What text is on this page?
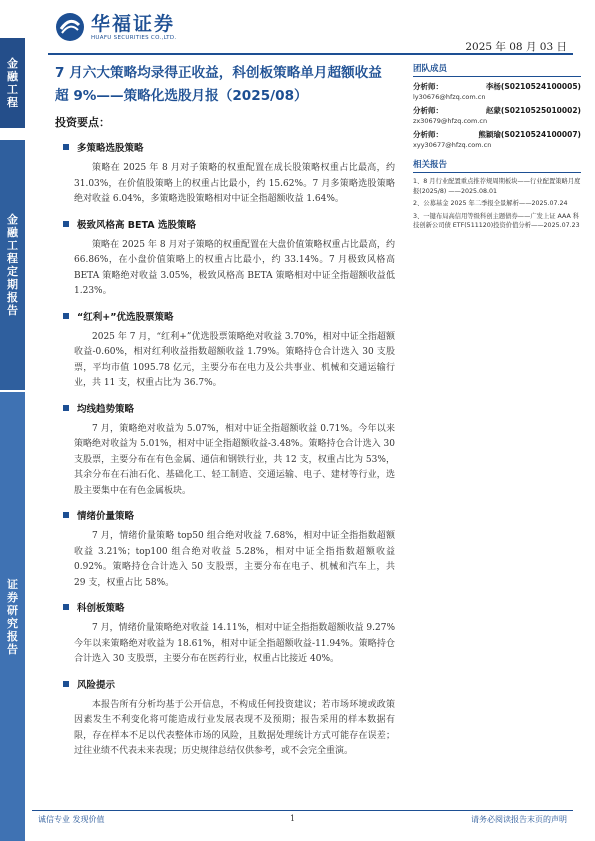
金融工程
金融工程定期报告
证券研究报告
华福证券
HUAFU SECURITIES CO.,LTD.
2025 年 08 月 03 日
7 月六大策略均录得正收益，科创板策略单月超额收益超 9%——策略化选股月报（2025/08）
投资要点：
多策略选股策略

策略在 2025 年 8 月对子策略的权重配置在成长股策略权重占比最高，约 31.03%，在价值股策略上的权重占比最小，约 15.62%。7 月多策略选股策略绝对收益 6.04%，多策略选股策略相对中证全指超额收益 1.64%。

极致风格高 BETA 选股策略

策略在 2025 年 8 月对子策略的权重配置在大盘价值策略权重占比最高，约 66.86%，在小盘价值策略上的权重占比最小，约 33.14%。7 月极致风格高 BETA 策略绝对收益 3.05%，极致风格高 BETA 策略相对中证全指超额收益低 1.23%。

“红利+”优选股票策略

2025 年 7 月，“红利+”优选股票策略绝对收益 3.70%，相对中证全指超额收益-0.60%，相对红利收益指数超额收益 1.79%。策略持仓合计选入 30 支股票，平均市值 1095.78 亿元，主要分布在电力及公共事业、机械和交通运输行业，共 11 支，权重占比为 36.7%。

均线趋势策略

7 月，策略绝对收益为 5.07%，相对中证全指超额收益 0.71%。今年以来策略绝对收益为 5.01%，相对中证全指超额收益-3.48%。策略持仓合计选入 30 支股票，主要分布在有色金属、通信和钢铁行业，共 12 支，权重占比为 53%，其余分布在石油石化、基础化工、轻工制造、交通运输、电子、建材等行业，选股主要集中在有色金属板块。

情绪价量策略

7 月，情绪价量策略 top50 组合绝对收益 7.68%，相对中证全指指数超额收益 3.21%；top100 组合绝对收益 5.28%，相对中证全指指数超额收益 0.92%。策略持仓合计选入 50 支股票，主要分布在电子、机械和汽车上，共 29 支，权重占比 58%。

科创板策略

7 月，情绪价量策略绝对收益 14.11%，相对中证全指指数超额收益 9.27%今年以来策略绝对收益为 18.61%，相对中证全指超额收益-11.94%。策略持仓合计选入 30 支股票，主要分布在医药行业，权重占比接近 40%。

风险提示

本报告所有分析均基于公开信息，不构成任何投资建议；若市场环境或政策因素发生不利变化将可能造成行业发展表现不及预期；报告采用的样本数据有限，存在样本不足以代表整体市场的风险，且数据处理统计方式可能存在误差；过往业绩不代表未来表现；历史规律总结仅供参考，或不会完全重演。

团队成员
分析师：	李杨(S0210524100005)
ly30676@hfzq.com.cn
分析师：	赵蒙(S0210525010002)
zx30679@hfzq.com.cn
分析师：	熊颖瑜(S0210524100007)
xyy30677@hfzq.com.cn
相关报告
1、8 月行业配置重点推荐规周期板块——行业配置策略月度报(2025/8) ——2025.08.01
2、公募基金 2025 年二季报全景解析——2025.07.24
3、一键布局高信用等级科创主题债券——广发上证 AAA 科技创新公司债 ETF(511120)投资价值分析——2025.07.23
诚信专业 发现价值	1	请务必阅读报告末页的声明
